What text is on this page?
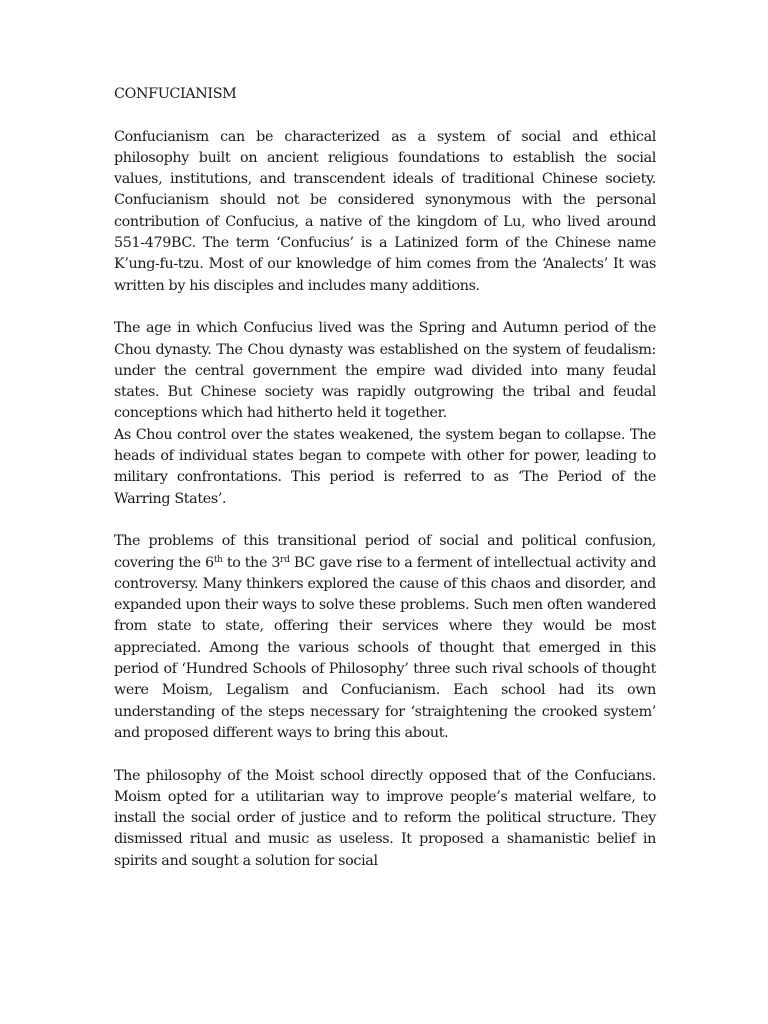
CONFUCIANISM

Confucianism can be characterized as a system of social and ethical philosophy built on ancient religious foundations to establish the social values, institutions, and transcendent ideals of traditional Chinese society. Confucianism should not be considered synonymous with the personal contribution of Confucius, a native of the kingdom of Lu, who lived around 551-479BC. The term ‘Confucius’ is a Latinized form of the Chinese name K’ung-fu-tzu. Most of our knowledge of him comes from the ‘Analects’ It was written by his disciples and includes many additions.

The age in which Confucius lived was the Spring and Autumn period of the Chou dynasty. The Chou dynasty was established on the system of feudalism: under the central government the empire wad divided into many feudal states. But Chinese society was rapidly outgrowing the tribal and feudal conceptions which had hitherto held it together.

As Chou control over the states weakened, the system began to collapse. The heads of individual states began to compete with other for power, leading to military confrontations. This period is referred to as ‘The Period of the Warring States’.

The problems of this transitional period of social and political confusion, covering the 6th to the 3rd BC gave rise to a ferment of intellectual activity and controversy. Many thinkers explored the cause of this chaos and disorder, and expanded upon their ways to solve these problems. Such men often wandered from state to state, offering their services where they would be most appreciated. Among the various schools of thought that emerged in this period of ‘Hundred Schools of Philosophy’ three such rival schools of thought were Moism, Legalism and Confucianism. Each school had its own understanding of the steps necessary for ‘straightening the crooked system’ and proposed different ways to bring this about.

The philosophy of the Moist school directly opposed that of the Confucians. Moism opted for a utilitarian way to improve people’s material welfare, to install the social order of justice and to reform the political structure. They dismissed ritual and music as useless. It proposed a shamanistic belief in spirits and sought a solution for social
